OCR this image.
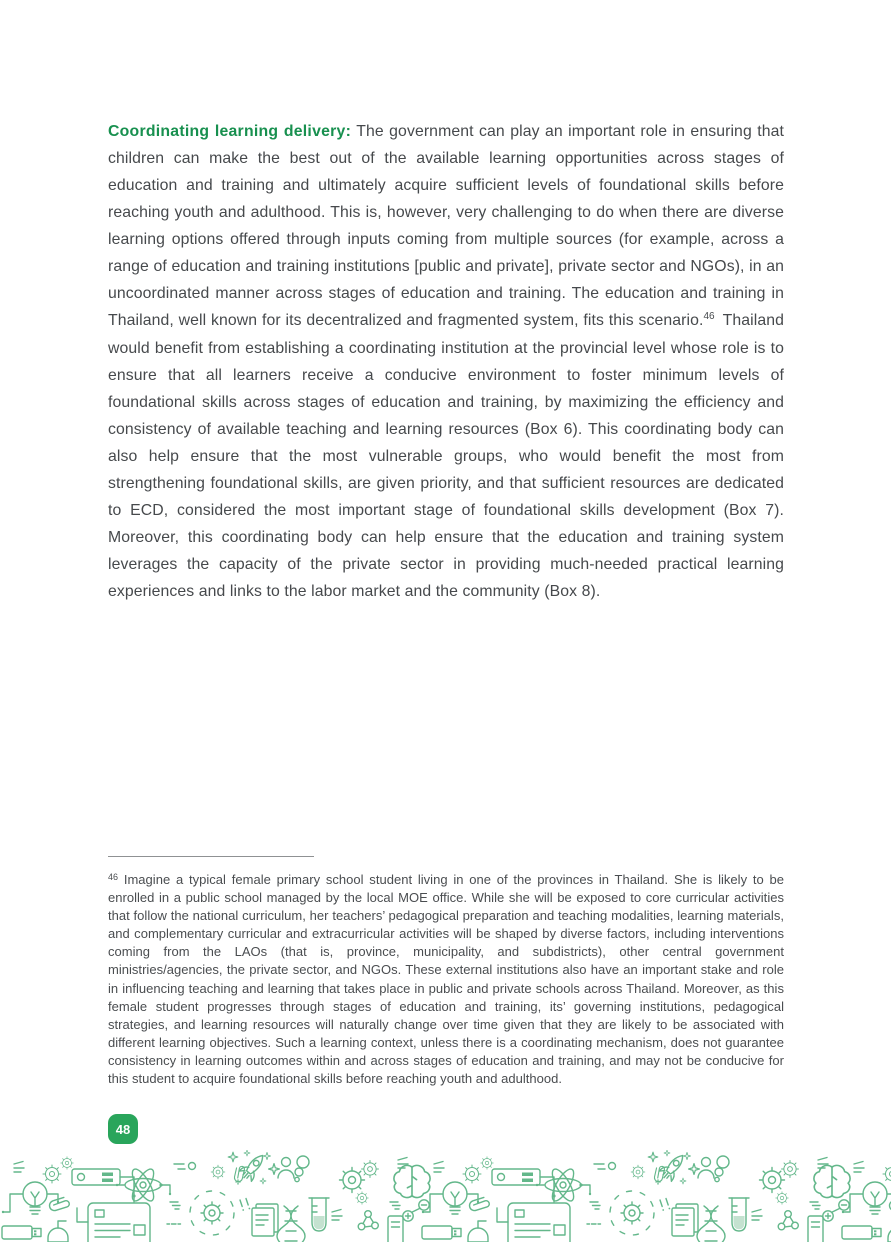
Coordinating learning delivery: The government can play an important role in ensuring that children can make the best out of the available learning opportunities across stages of education and training and ultimately acquire sufficient levels of foundational skills before reaching youth and adulthood. This is, however, very challenging to do when there are diverse learning options offered through inputs coming from multiple sources (for example, across a range of education and training institutions [public and private], private sector and NGOs), in an uncoordinated manner across stages of education and training. The education and training in Thailand, well known for its decentralized and fragmented system, fits this scenario.$^{46}$ Thailand would benefit from establishing a coordinating institution at the provincial level whose role is to ensure that all learners receive a conducive environment to foster minimum levels of foundational skills across stages of education and training, by maximizing the efficiency and consistency of available teaching and learning resources (Box 6). This coordinating body can also help ensure that the most vulnerable groups, who would benefit the most from strengthening foundational skills, are given priority, and that sufficient resources are dedicated to ECD, considered the most important stage of foundational skills development (Box 7). Moreover, this coordinating body can help ensure that the education and training system leverages the capacity of the private sector in providing much-needed practical learning experiences and links to the labor market and the community (Box 8).

$^{46}$ Imagine a typical female primary school student living in one of the provinces in Thailand. She is likely to be enrolled in a public school managed by the local MOE office. While she will be exposed to core curricular activities that follow the national curriculum, her teachers’ pedagogical preparation and teaching modalities, learning materials, and complementary curricular and extracurricular activities will be shaped by diverse factors, including interventions coming from the LAOs (that is, province, municipality, and subdistricts), other central government ministries/agencies, the private sector, and NGOs. These external institutions also have an important stake and role in influencing teaching and learning that takes place in public and private schools across Thailand. Moreover, as this female student progresses through stages of education and training, its’ governing institutions, pedagogical strategies, and learning resources will naturally change over time given that they are likely to be associated with different learning objectives. Such a learning context, unless there is a coordinating mechanism, does not guarantee consistency in learning outcomes within and across stages of education and training, and may not be conducive for this student to acquire foundational skills before reaching youth and adulthood.

48
